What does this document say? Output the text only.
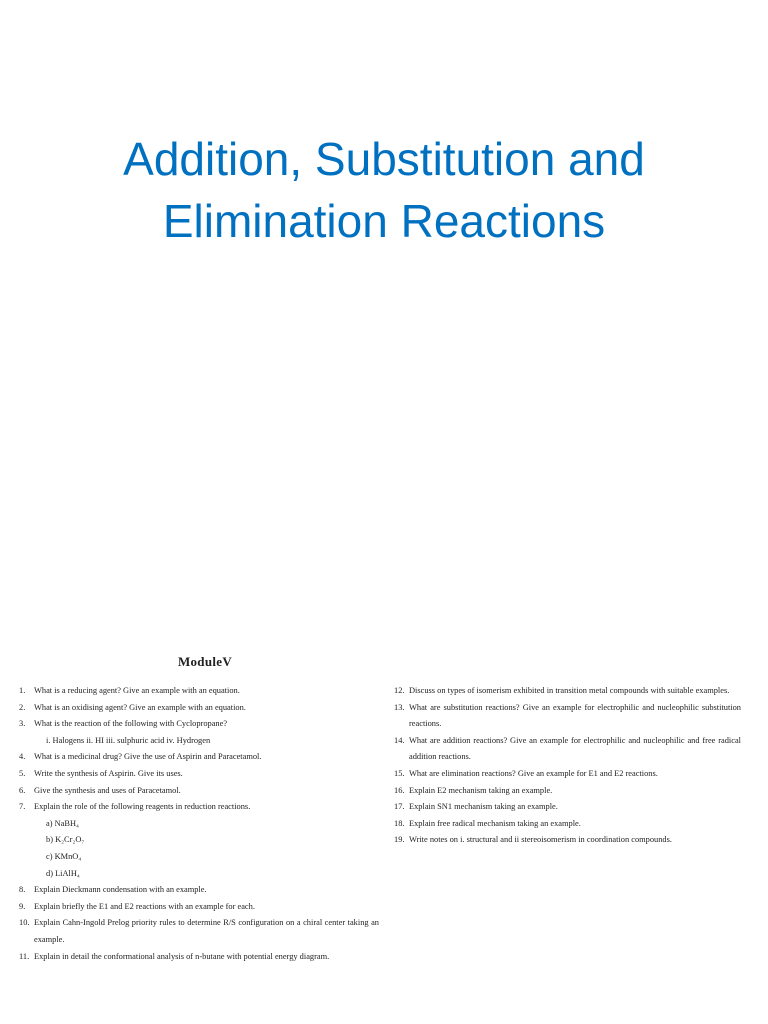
Addition, Substitution and
Elimination Reactions
ModuleV
1. What is a reducing agent? Give an example with an equation.
2. What is an oxidising agent? Give an example with an equation.
3. What is the reaction of the following with Cyclopropane?
i. Halogens ii. HI iii. sulphuric acid iv. Hydrogen
4. What is a medicinal drug? Give the use of Aspirin and Paracetamol.
5. Write the synthesis of Aspirin. Give its uses.
6. Give the synthesis and uses of Paracetamol.
7. Explain the role of the following reagents in reduction reactions.
a) NaBH₄
b) K₂Cr₂O₇
c) KMnO₄
d) LiAlH₄
8. Explain Dieckmann condensation with an example.
9. Explain briefly the E1 and E2 reactions with an example for each.
10. Explain Cahn-Ingold Prelog priority rules to determine R/S configuration on a chiral center taking an example.
11. Explain in detail the conformational analysis of n-butane with potential energy diagram.
12. Discuss on types of isomerism exhibited in transition metal compounds with suitable examples.
13. What are substitution reactions? Give an example for electrophilic and nucleophilic substitution reactions.
14. What are addition reactions? Give an example for electrophilic and nucleophilic and free radical addition reactions.
15. What are elimination reactions? Give an example for E1 and E2 reactions.
16. Explain E2 mechanism taking an example.
17. Explain SN1 mechanism taking an example.
18. Explain free radical mechanism taking an example.
19. Write notes on i. structural and ii stereoisomerism in coordination compounds.
